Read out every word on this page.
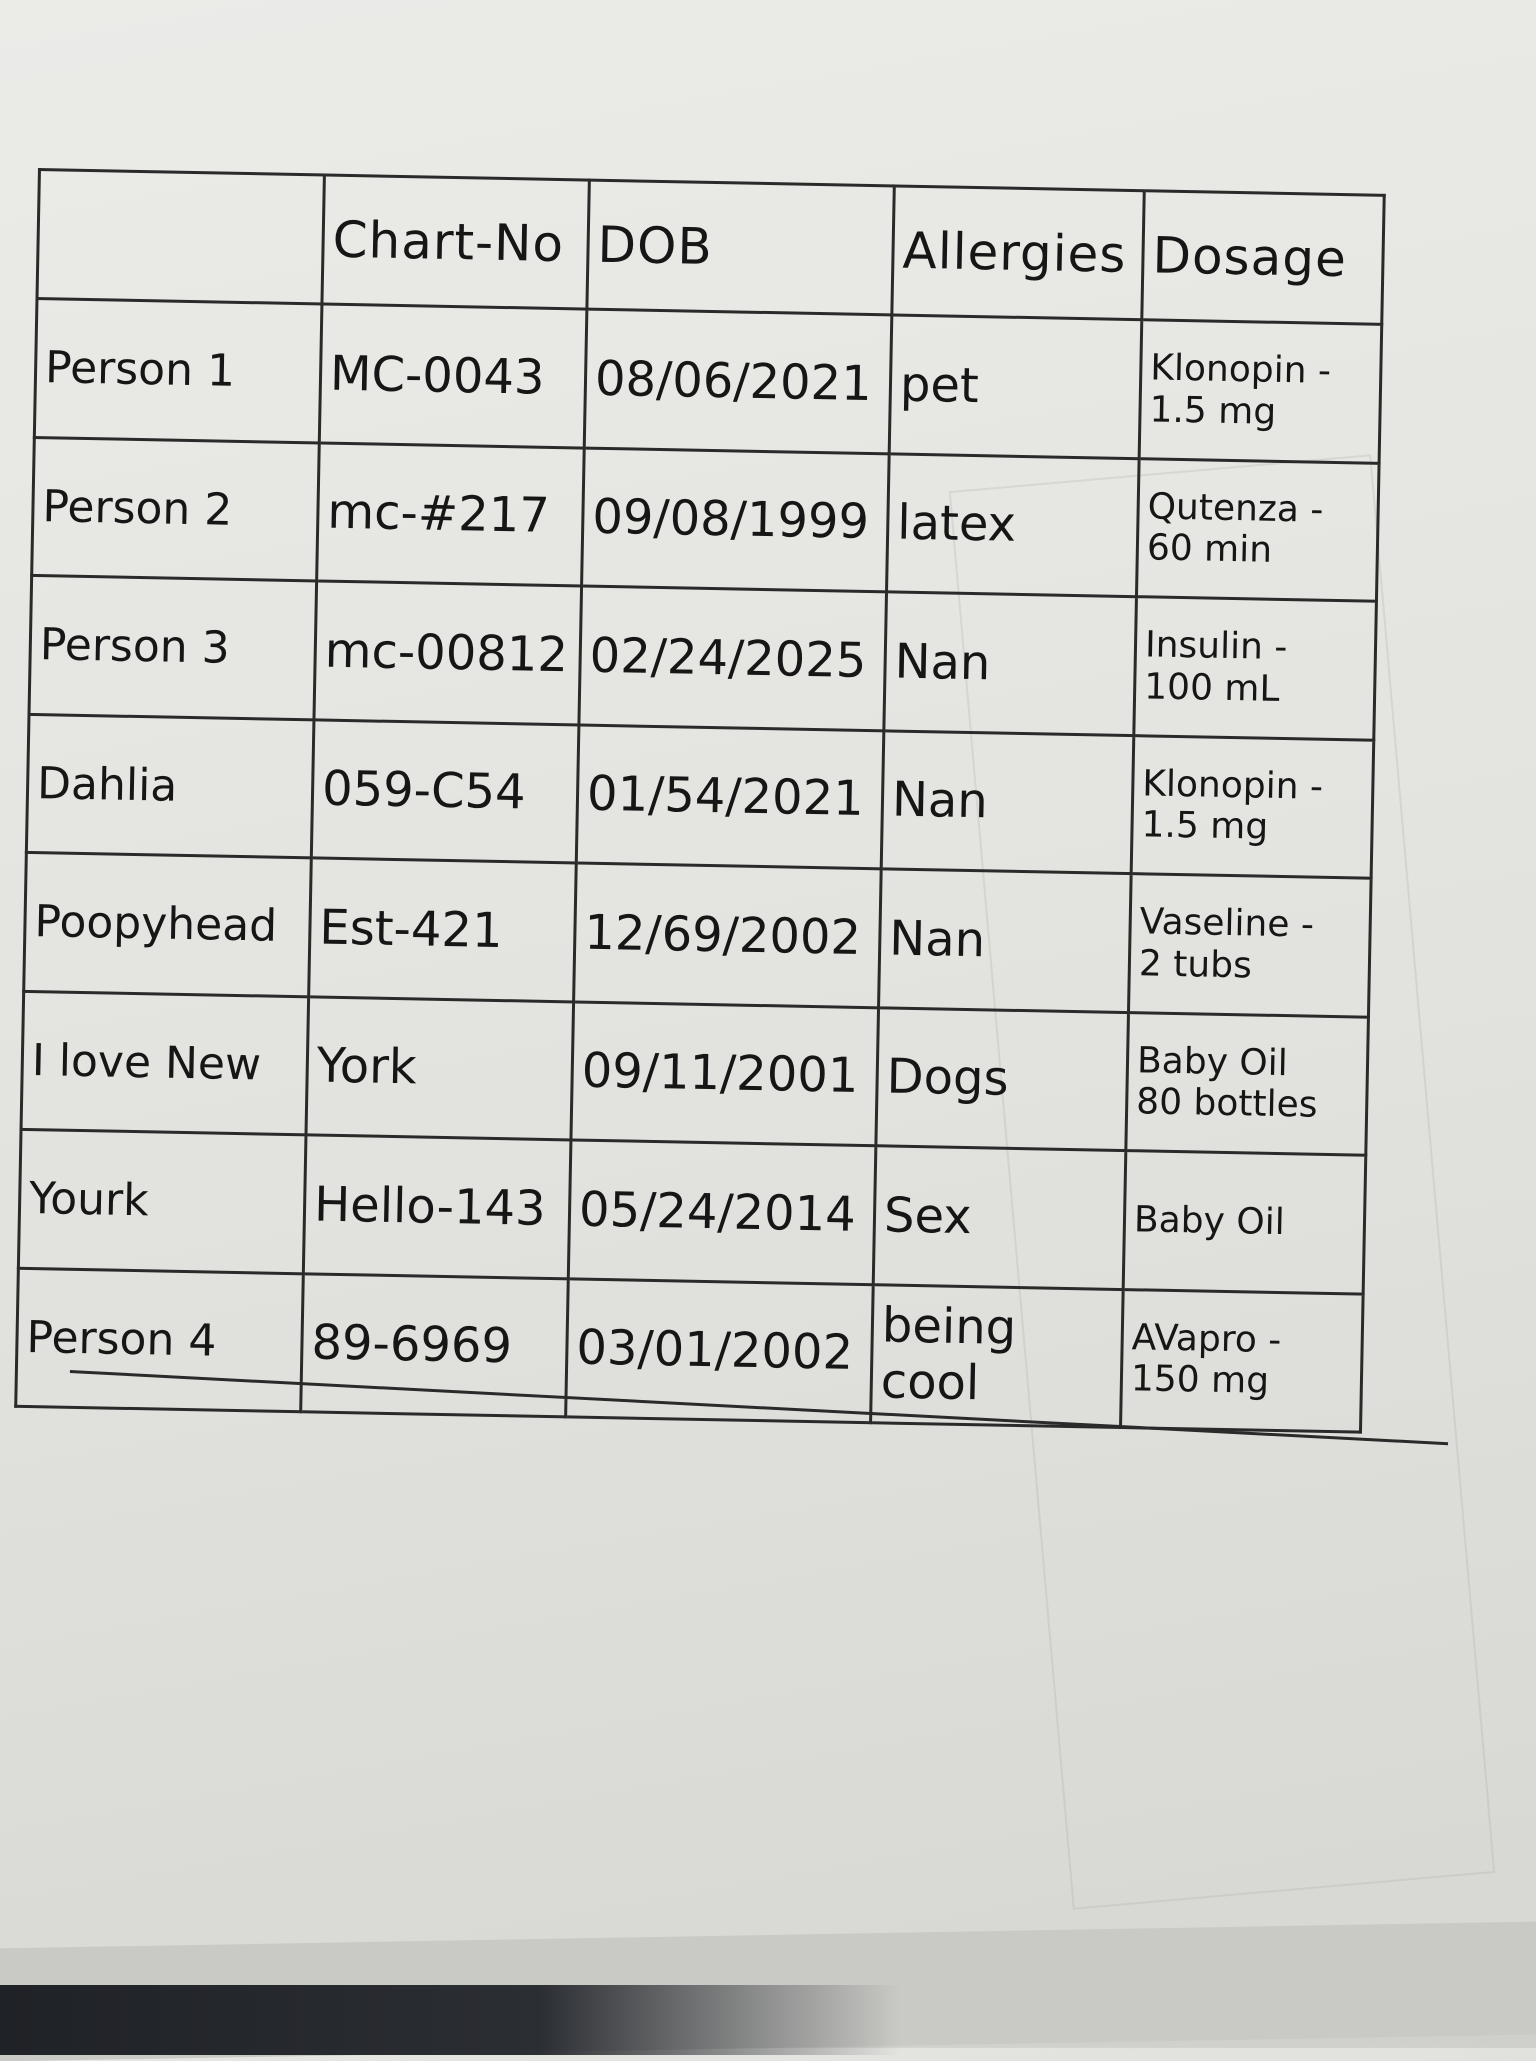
	Chart-No	DOB	Allergies	Dosage
Person 1	MC-0043	08/06/2021	pet	Klonopin -
1.5 mg

Person 2	mc-#217	09/08/1999	latex	Qutenza -
60 min

Person 3	mc-00812	02/24/2025	Nan	Insulin -
100 mL

Dahlia	059-C54	01/54/2021	Nan	Klonopin -
1.5 mg

Poopyhead	Est-421	12/69/2002	Nan	Vaseline -
2 tubs

I love New	York	09/11/2001	Dogs	Baby Oil
80 bottles

Yourk	Hello-143	05/24/2014	Sex	Baby Oil

Person 4	89-6969	03/01/2002	being cool	AVapro -
150 mg
